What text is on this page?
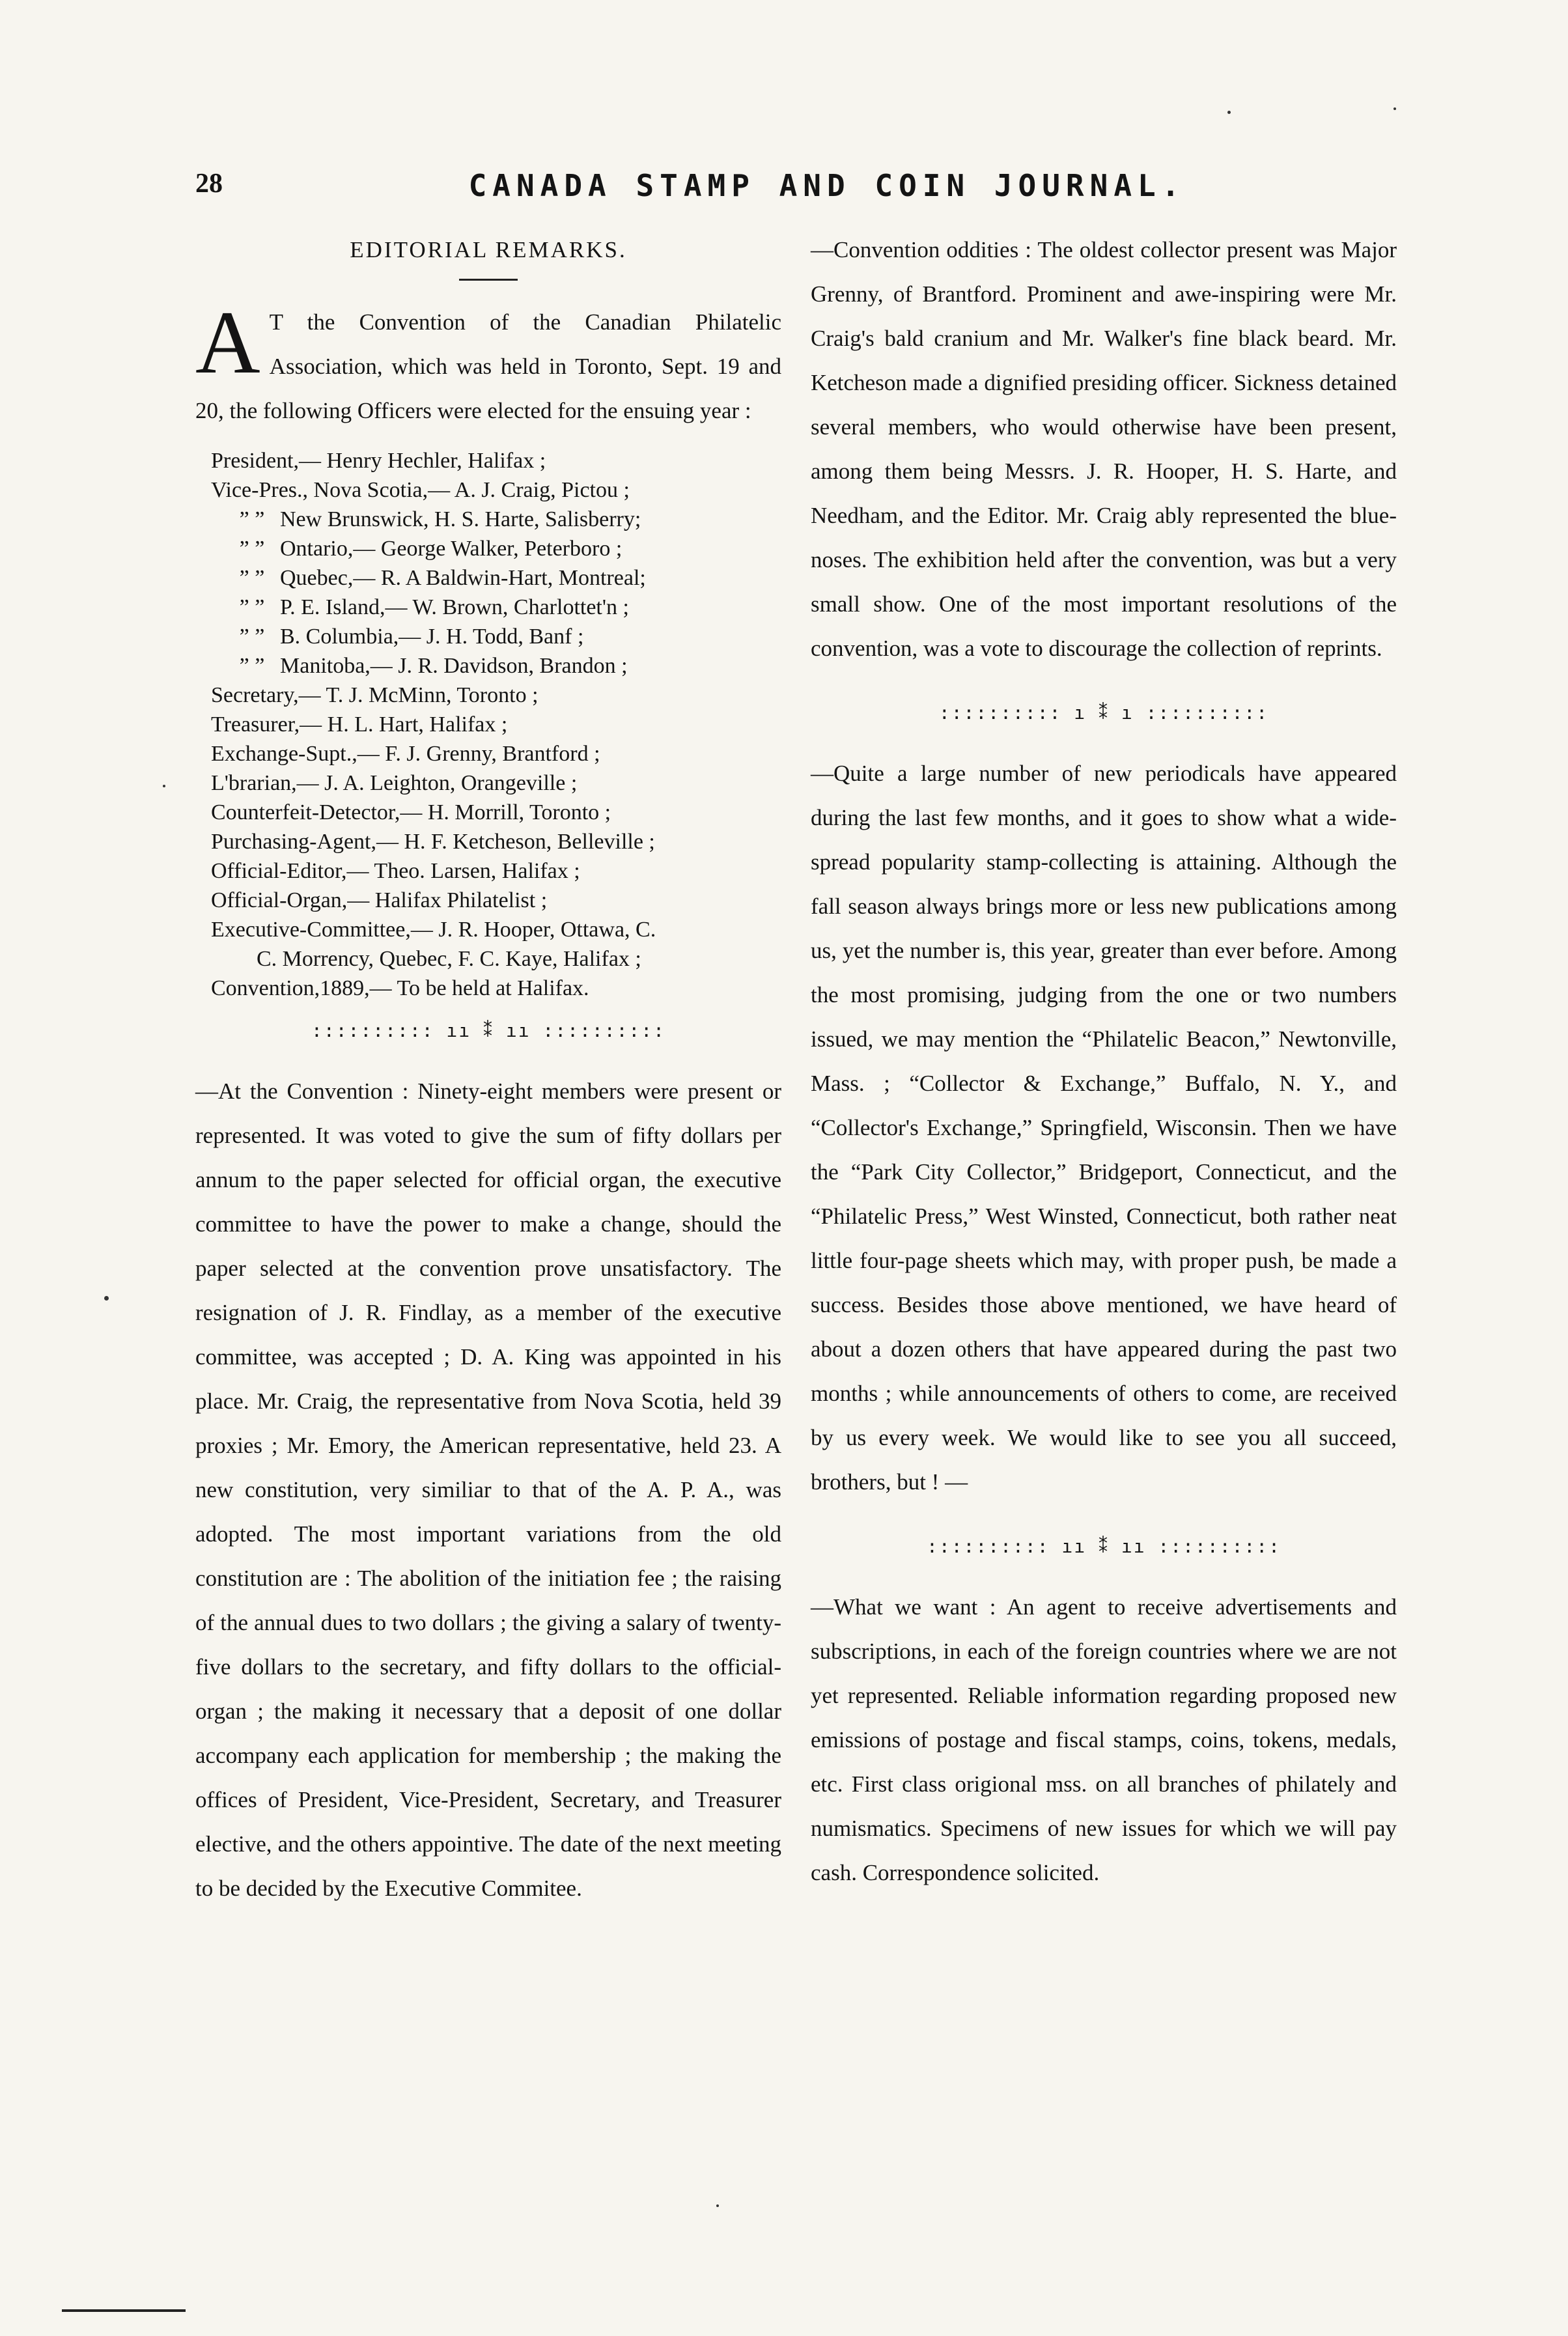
28	CANADA STAMP AND COIN JOURNAL.
EDITORIAL REMARKS.

A T the Convention of the Canadian Philatelic Association, which was held in Toronto, Sept. 19 and 20, the following Officers were elected for the ensuing year :

President,— Henry Hechler, Halifax ;
Vice-Pres., Nova Scotia,— A. J. Craig, Pictou ;
” ” New Brunswick, H. S. Harte, Salisberry;
” ” Ontario,— George Walker, Peterboro ;
” ” Quebec,— R. A Baldwin-Hart, Montreal;
” ” P. E. Island,— W. Brown, Charlottet'n ;
” ” B. Columbia,— J. H. Todd, Banf ;
” ” Manitoba,— J. R. Davidson, Brandon ;
Secretary,— T. J. McMinn, Toronto ;
Treasurer,— H. L. Hart, Halifax ;
Exchange-Supt.,— F. J. Grenny, Brantford ;
L'brarian,— J. A. Leighton, Orangeville ;
Counterfeit-Detector,— H. Morrill, Toronto ;
Purchasing-Agent,— H. F. Ketcheson, Belleville ;
Official-Editor,— Theo. Larsen, Halifax ;
Official-Organ,— Halifax Philatelist ;
Executive-Committee,— J. R. Hooper, Ottawa, C.
C. Morrency, Quebec, F. C. Kaye, Halifax ;
Convention,1889,— To be held at Halifax.
:::::::::: ıı ⁑ ıı ::::::::::

—At the Convention : Ninety-eight members were present or represented. It was voted to give the sum of fifty dollars per annum to the paper selected for official organ, the executive committee to have the power to make a change, should the paper selected at the convention prove unsatisfactory. The resignation of J. R. Findlay, as a member of the executive committee, was accepted ; D. A. King was appointed in his place. Mr. Craig, the representative from Nova Scotia, held 39 proxies ; Mr. Emory, the American representative, held 23. A new constitution, very similiar to that of the A. P. A., was adopted. The most important variations from the old constitution are : The abolition of the initiation fee ; the raising of the annual dues to two dollars ; the giving a salary of twenty-five dollars to the secretary, and fifty dollars to the official-organ ; the making it necessary that a deposit of one dollar accompany each application for membership ; the making the offices of President, Vice-President, Secretary, and Treasurer elective, and the others appointive. The date of the next meeting to be decided by the Executive Commitee.

—Convention oddities : The oldest collector present was Major Grenny, of Brantford. Prominent and awe-inspiring were Mr. Craig's bald cranium and Mr. Walker's fine black beard. Mr. Ketcheson made a dignified presiding officer. Sickness detained several members, who would otherwise have been present, among them being Messrs. J. R. Hooper, H. S. Harte, and Needham, and the Editor. Mr. Craig ably represented the blue-noses. The exhibition held after the convention, was but a very small show. One of the most important resolutions of the convention, was a vote to discourage the collection of reprints.

:::::::::: ı ⁑ ı ::::::::::

—Quite a large number of new periodicals have appeared during the last few months, and it goes to show what a wide-spread popularity stamp-collecting is attaining. Although the fall season always brings more or less new publications among us, yet the number is, this year, greater than ever before. Among the most promising, judging from the one or two numbers issued, we may mention the “Philatelic Beacon,” Newtonville, Mass. ; “Collector & Exchange,” Buffalo, N. Y., and “Collector's Exchange,” Springfield, Wisconsin. Then we have the “Park City Collector,” Bridgeport, Connecticut, and the “Philatelic Press,” West Winsted, Connecticut, both rather neat little four-page sheets which may, with proper push, be made a success. Besides those above mentioned, we have heard of about a dozen others that have appeared during the past two months ; while announcements of others to come, are received by us every week. We would like to see you all succeed, brothers, but ! —

:::::::::: ıı ⁑ ıı ::::::::::

—What we want : An agent to receive advertisements and subscriptions, in each of the foreign countries where we are not yet represented. Reliable information regarding proposed new emissions of postage and fiscal stamps, coins, tokens, medals, etc. First class origional mss. on all branches of philately and numismatics. Specimens of new issues for which we will pay cash. Correspondence solicited.
